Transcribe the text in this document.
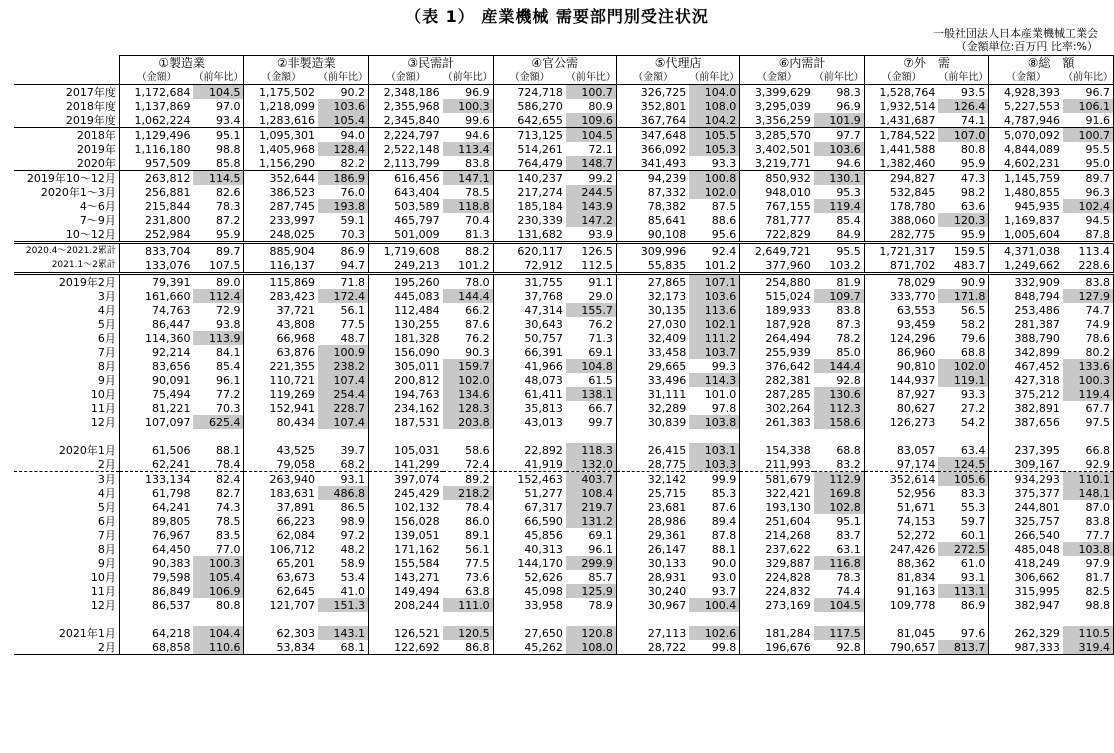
（表 1） 産業機械 需要部門別受注状況
一般社団法人日本産業機械工業会
（金額単位:百万円 比率:%）
	①製造業		②非製造業		③民需計		④官公需		⑤代理店		⑥内需計		⑦外　需		⑧総　額	
	（金額）	（前年比）	（金額）	（前年比）	（金額）	（前年比）	（金額）	（前年比）	（金額）	（前年比）	（金額）	（前年比）	（金額）	（前年比）	（金額）	（前年比）
2017年度	1,172,684	104.5	1,175,502	90.2	2,348,186	96.9	724,718	100.7	326,725	104.0	3,399,629	98.3	1,528,764	93.5	4,928,393	96.7
2018年度	1,137,869	97.0	1,218,099	103.6	2,355,968	100.3	586,270	80.9	352,801	108.0	3,295,039	96.9	1,932,514	126.4	5,227,553	106.1
2019年度	1,062,224	93.4	1,283,616	105.4	2,345,840	99.6	642,655	109.6	367,764	104.2	3,356,259	101.9	1,431,687	74.1	4,787,946	91.6
2018年	1,129,496	95.1	1,095,301	94.0	2,224,797	94.6	713,125	104.5	347,648	105.5	3,285,570	97.7	1,784,522	107.0	5,070,092	100.7
2019年	1,116,180	98.8	1,405,968	128.4	2,522,148	113.4	514,261	72.1	366,092	105.3	3,402,501	103.6	1,441,588	80.8	4,844,089	95.5
2020年	957,509	85.8	1,156,290	82.2	2,113,799	83.8	764,479	148.7	341,493	93.3	3,219,771	94.6	1,382,460	95.9	4,602,231	95.0
2019年10～12月	263,812	114.5	352,644	186.9	616,456	147.1	140,237	99.2	94,239	100.8	850,932	130.1	294,827	47.3	1,145,759	89.7
2020年1～3月	256,881	82.6	386,523	76.0	643,404	78.5	217,274	244.5	87,332	102.0	948,010	95.3	532,845	98.2	1,480,855	96.3
4～6月	215,844	78.3	287,745	193.8	503,589	118.8	185,184	143.9	78,382	87.5	767,155	119.4	178,780	63.6	945,935	102.4
7～9月	231,800	87.2	233,997	59.1	465,797	70.4	230,339	147.2	85,641	88.6	781,777	85.4	388,060	120.3	1,169,837	94.5
10～12月	252,984	95.9	248,025	70.3	501,009	81.3	131,682	93.9	90,108	95.6	722,829	84.9	282,775	95.9	1,005,604	87.8
2020.4～2021.2累計	833,704	89.7	885,904	86.9	1,719,608	88.2	620,117	126.5	309,996	92.4	2,649,721	95.5	1,721,317	159.5	4,371,038	113.4
2021.1～2累計	133,076	107.5	116,137	94.7	249,213	101.2	72,912	112.5	55,835	101.2	377,960	103.2	871,702	483.7	1,249,662	228.6
2019年2月	79,391	89.0	115,869	71.8	195,260	78.0	31,755	91.1	27,865	107.1	254,880	81.9	78,029	90.9	332,909	83.8
3月	161,660	112.4	283,423	172.4	445,083	144.4	37,768	29.0	32,173	103.6	515,024	109.7	333,770	171.8	848,794	127.9
4月	74,763	72.9	37,721	56.1	112,484	66.2	47,314	155.7	30,135	113.6	189,933	83.8	63,553	56.5	253,486	74.7
5月	86,447	93.8	43,808	77.5	130,255	87.6	30,643	76.2	27,030	102.1	187,928	87.3	93,459	58.2	281,387	74.9
6月	114,360	113.9	66,968	48.7	181,328	76.2	50,757	71.3	32,409	111.2	264,494	78.2	124,296	79.6	388,790	78.6
7月	92,214	84.1	63,876	100.9	156,090	90.3	66,391	69.1	33,458	103.7	255,939	85.0	86,960	68.8	342,899	80.2
8月	83,656	85.4	221,355	238.2	305,011	159.7	41,966	104.8	29,665	99.3	376,642	144.4	90,810	102.0	467,452	133.6
9月	90,091	96.1	110,721	107.4	200,812	102.0	48,073	61.5	33,496	114.3	282,381	92.8	144,937	119.1	427,318	100.3
10月	75,494	77.2	119,269	254.4	194,763	134.6	61,411	138.1	31,111	101.0	287,285	130.6	87,927	93.3	375,212	119.4
11月	81,221	70.3	152,941	228.7	234,162	128.3	35,813	66.7	32,289	97.8	302,264	112.3	80,627	27.2	382,891	67.7
12月	107,097	625.4	80,434	107.4	187,531	203.8	43,013	99.7	30,839	103.8	261,383	158.6	126,273	54.2	387,656	97.5

2020年1月	61,506	88.1	43,525	39.7	105,031	58.6	22,892	118.3	26,415	103.1	154,338	68.8	83,057	63.4	237,395	66.8
2月	62,241	78.4	79,058	68.2	141,299	72.4	41,919	132.0	28,775	103.3	211,993	83.2	97,174	124.5	309,167	92.9
3月	133,134	82.4	263,940	93.1	397,074	89.2	152,463	403.7	32,142	99.9	581,679	112.9	352,614	105.6	934,293	110.1
4月	61,798	82.7	183,631	486.8	245,429	218.2	51,277	108.4	25,715	85.3	322,421	169.8	52,956	83.3	375,377	148.1
5月	64,241	74.3	37,891	86.5	102,132	78.4	67,317	219.7	23,681	87.6	193,130	102.8	51,671	55.3	244,801	87.0
6月	89,805	78.5	66,223	98.9	156,028	86.0	66,590	131.2	28,986	89.4	251,604	95.1	74,153	59.7	325,757	83.8
7月	76,967	83.5	62,084	97.2	139,051	89.1	45,856	69.1	29,361	87.8	214,268	83.7	52,272	60.1	266,540	77.7
8月	64,450	77.0	106,712	48.2	171,162	56.1	40,313	96.1	26,147	88.1	237,622	63.1	247,426	272.5	485,048	103.8
9月	90,383	100.3	65,201	58.9	155,584	77.5	144,170	299.9	30,133	90.0	329,887	116.8	88,362	61.0	418,249	97.9
10月	79,598	105.4	63,673	53.4	143,271	73.6	52,626	85.7	28,931	93.0	224,828	78.3	81,834	93.1	306,662	81.7
11月	86,849	106.9	62,645	41.0	149,494	63.8	45,098	125.9	30,240	93.7	224,832	74.4	91,163	113.1	315,995	82.5
12月	86,537	80.8	121,707	151.3	208,244	111.0	33,958	78.9	30,967	100.4	273,169	104.5	109,778	86.9	382,947	98.8

2021年1月	64,218	104.4	62,303	143.1	126,521	120.5	27,650	120.8	27,113	102.6	181,284	117.5	81,045	97.6	262,329	110.5
2月	68,858	110.6	53,834	68.1	122,692	86.8	45,262	108.0	28,722	99.8	196,676	92.8	790,657	813.7	987,333	319.4
